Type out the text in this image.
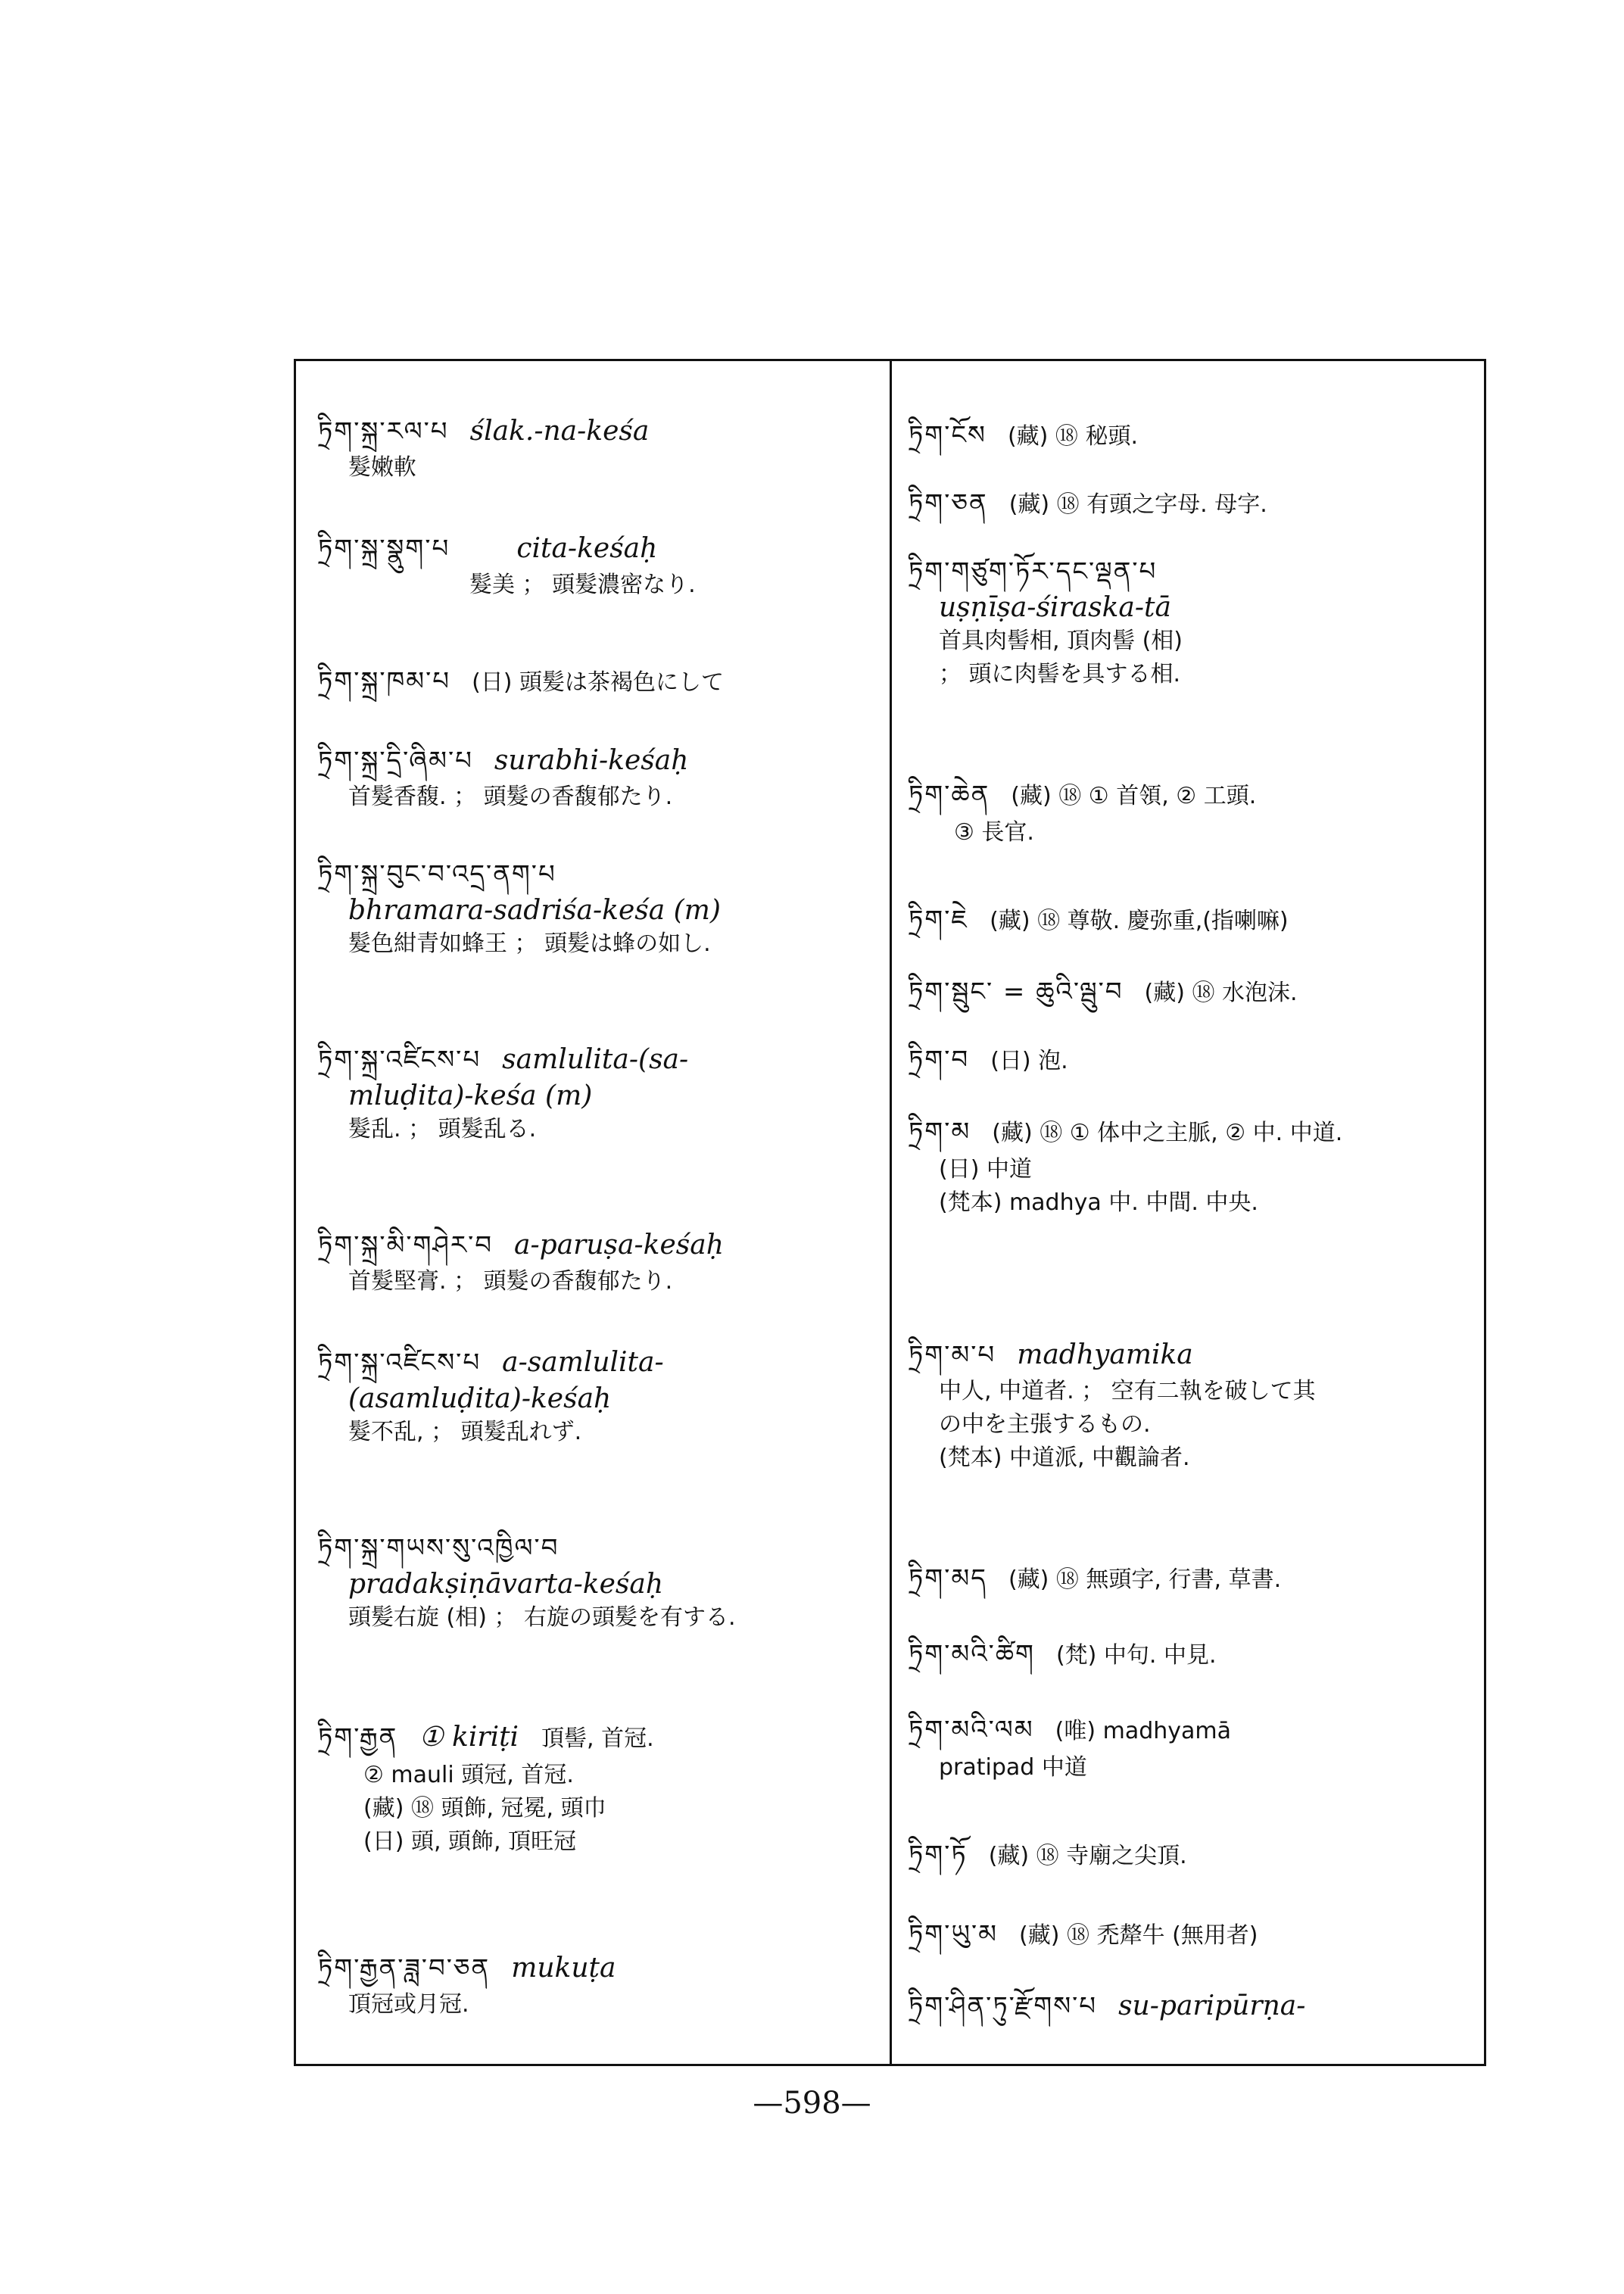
ཏྲིག་སྐྲ་རལ་པ ślak.-na-keśa
髮嫩軟
ཏྲིག་སྐྲ་སྣུག་པ cita-keśaḥ
髮美 ； 頭髮濃密なり.
ཏྲིག་སྐྲ་ཁམ་པ (日) 頭髪は茶褐色にして
ཏྲིག་སྐྲ་དྲི་ཞིམ་པ surabhi-keśaḥ
首髮香馥. ； 頭髮の香馥郁たり.
ཏྲིག་སྐྲ་བུང་བ་འདྲ་ནག་པ
bhramara-sadriśa-keśa (m)
髮色紺青如蜂王 ； 頭髪は蜂の如し.
ཏྲིག་སྐྲ་འཛིངས་པ samlulita-(sa-
mluḍita)-keśa (m)
髮乱. ； 頭髮乱る.
ཏྲིག་སྐྲ་མི་གཤེར་བ a-paruṣa-keśaḥ
首髮堅膏. ； 頭髮の香馥郁たり.
ཏྲིག་སྐྲ་འཛིངས་པ a-samlulita-
(asamluḍita)-keśaḥ
髮不乱, ； 頭髮乱れず.
ཏྲིག་སྐྲ་གཡས་སུ་འཁྱིལ་བ
pradakṣiṇāvarta-keśaḥ
頭髪右旋 (相) ； 右旋の頭髪を有する.
ཏྲིག་རྒྱན ① kiriṭi 頂髻, 首冠.
② mauli 頭冠, 首冠.
(藏) ⑱ 頭飾, 冠冕, 頭巾
(日) 頭, 頭飾, 頂旺冠
ཏྲིག་རྒྱན་ཟླ་བ་ཅན mukuṭa
頂冠或月冠.
ཏྲིག་ངོས (藏) ⑱ 秘頭.
ཏྲིག་ཅན (藏) ⑱ 有頭之字母. 母字.
ཏྲིག་གཙུག་ཏོར་དང་ལྡན་པ
uṣṇīṣa-śiraska-tā
首具肉髻相, 頂肉髻 (相)
； 頭に肉髻を具する相.
ཏྲིག་ཆེན (藏) ⑱ ① 首領, ② 工頭.
③ 長官.
ཏྲིག་ཇེ (藏) ⑱ 尊敬. 慶弥重,(指喇嘛)
ཏྲིག་སྦུང་ = ཆུའི་ལྦུ་བ (藏) ⑱ 水泡沫.
ཏྲིག་བ (日) 泡.
ཏྲིག་མ (藏) ⑱ ① 体中之主脈, ② 中. 中道.
(日) 中道
(梵本) madhya 中. 中間. 中央.
ཏྲིག་མ་པ madhyamika
中人, 中道者. ； 空有二執を破して其
の中を主張するもの.
(梵本) 中道派, 中觀論者.
ཏྲིག་མད (藏) ⑱ 無頭字, 行書, 草書.
ཏྲིག་མའི་ཚིག (梵) 中句. 中見.
ཏྲིག་མའི་ལམ (唯) madhyamā
pratipad 中道
ཏྲིག་ཏོ (藏) ⑱ 寺廟之尖頂.
ཏྲིག་ཡུ་མ (藏) ⑱ 禿犛牛 (無用者)
ཏྲིག་ཤིན་ཏུ་རྫོགས་པ su-paripūrṇa-
—598—
